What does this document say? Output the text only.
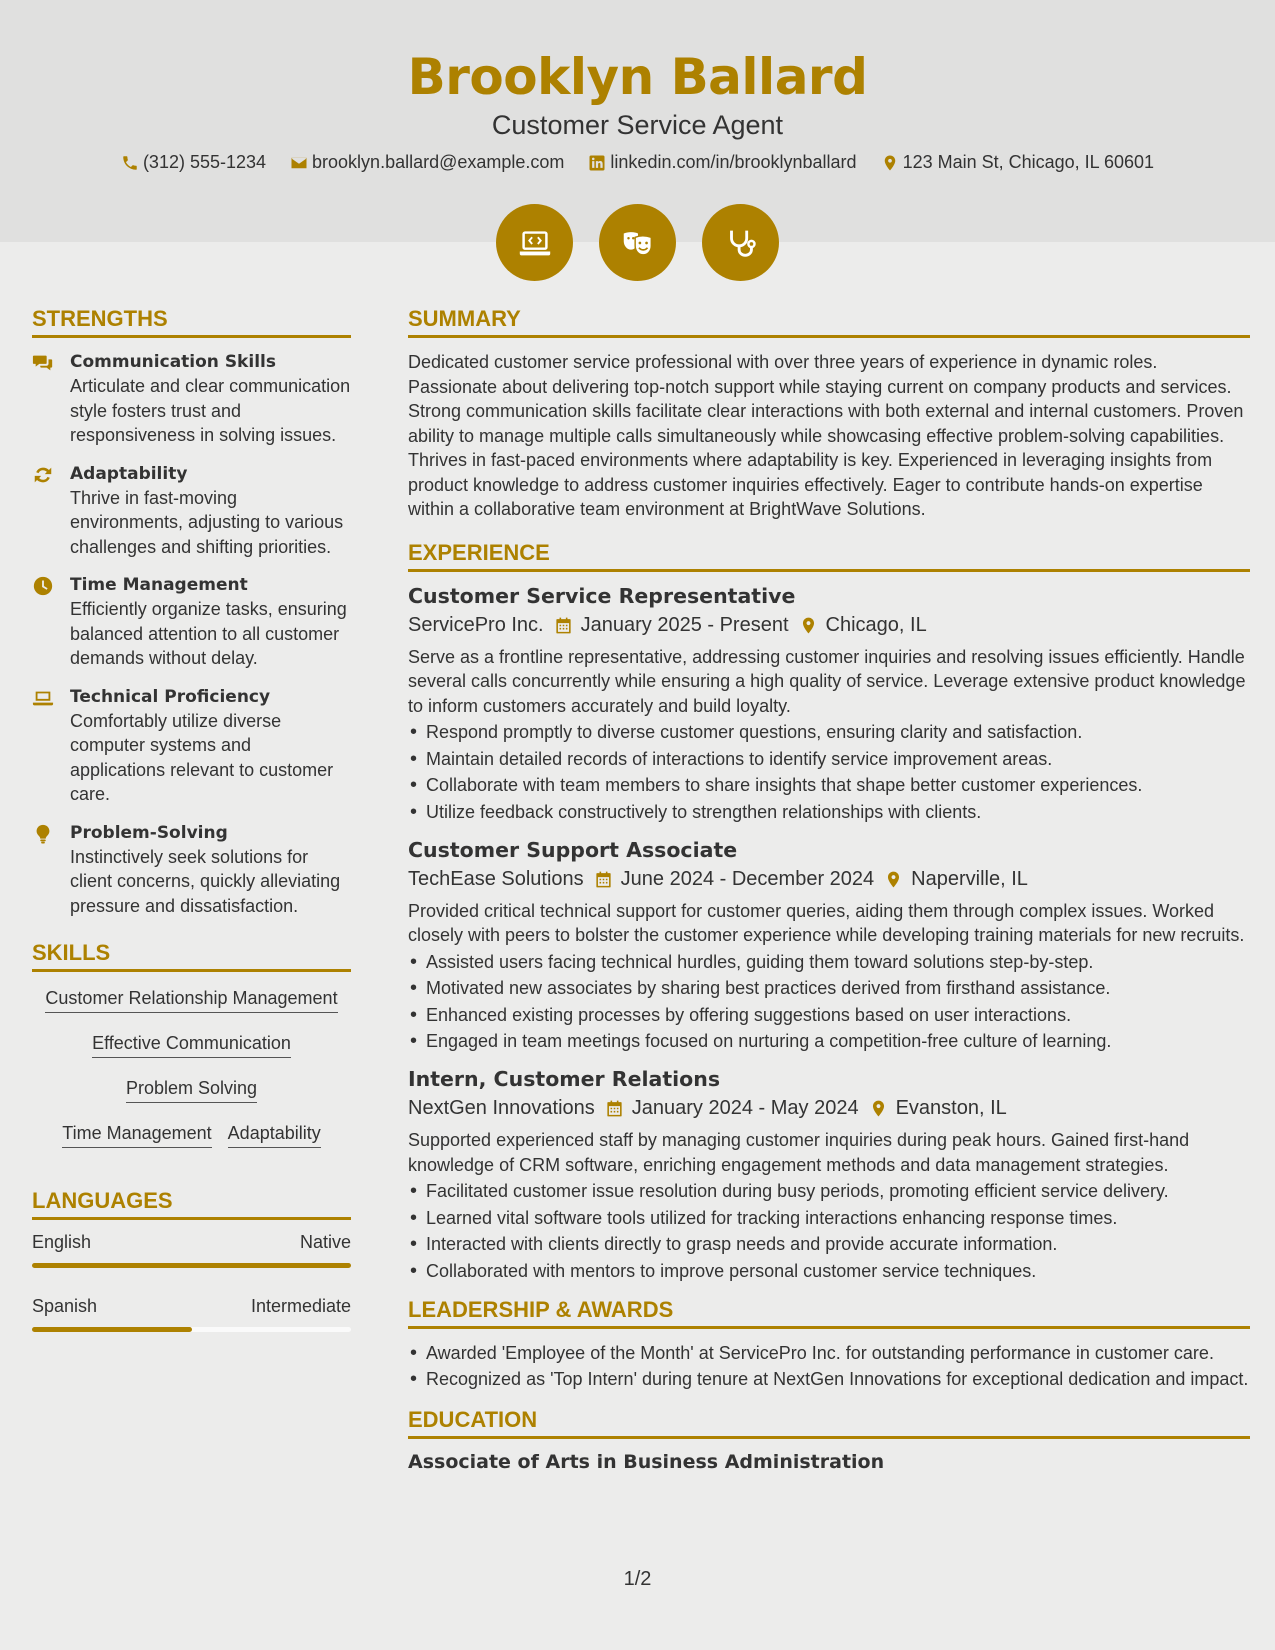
Brooklyn Ballard
Customer Service Agent
(312) 555-1234	brooklyn.ballard@example.com	linkedin.com/in/brooklynballard	123 Main St, Chicago, IL 60601
STRENGTHS
Communication Skills
Articulate and clear communication style fosters trust and responsiveness in solving issues.
Adaptability
Thrive in fast-moving environments, adjusting to various challenges and shifting priorities.
Time Management
Efficiently organize tasks, ensuring balanced attention to all customer demands without delay.
Technical Proficiency
Comfortably utilize diverse computer systems and applications relevant to customer care.
Problem-Solving
Instinctively seek solutions for client concerns, quickly alleviating pressure and dissatisfaction.
SKILLS
Customer Relationship Management
Effective Communication
Problem Solving
Time Management Adaptability
LANGUAGES
English	Native
Spanish	Intermediate
SUMMARY
Dedicated customer service professional with over three years of experience in dynamic roles. Passionate about delivering top-notch support while staying current on company products and services. Strong communication skills facilitate clear interactions with both external and internal customers. Proven ability to manage multiple calls simultaneously while showcasing effective problem-solving capabilities. Thrives in fast-paced environments where adaptability is key. Experienced in leveraging insights from product knowledge to address customer inquiries effectively. Eager to contribute hands-on expertise within a collaborative team environment at BrightWave Solutions.
EXPERIENCE
Customer Service Representative
ServicePro Inc. January 2025 - Present Chicago, IL
Serve as a frontline representative, addressing customer inquiries and resolving issues efficiently. Handle several calls concurrently while ensuring a high quality of service. Leverage extensive product knowledge to inform customers accurately and build loyalty.
• Respond promptly to diverse customer questions, ensuring clarity and satisfaction.
• Maintain detailed records of interactions to identify service improvement areas.
• Collaborate with team members to share insights that shape better customer experiences.
• Utilize feedback constructively to strengthen relationships with clients.
Customer Support Associate
TechEase Solutions June 2024 - December 2024 Naperville, IL
Provided critical technical support for customer queries, aiding them through complex issues. Worked closely with peers to bolster the customer experience while developing training materials for new recruits.
• Assisted users facing technical hurdles, guiding them toward solutions step-by-step.
• Motivated new associates by sharing best practices derived from firsthand assistance.
• Enhanced existing processes by offering suggestions based on user interactions.
• Engaged in team meetings focused on nurturing a competition-free culture of learning.
Intern, Customer Relations
NextGen Innovations January 2024 - May 2024 Evanston, IL
Supported experienced staff by managing customer inquiries during peak hours. Gained first-hand knowledge of CRM software, enriching engagement methods and data management strategies.
• Facilitated customer issue resolution during busy periods, promoting efficient service delivery.
• Learned vital software tools utilized for tracking interactions enhancing response times.
• Interacted with clients directly to grasp needs and provide accurate information.
• Collaborated with mentors to improve personal customer service techniques.
LEADERSHIP & AWARDS
• Awarded 'Employee of the Month' at ServicePro Inc. for outstanding performance in customer care.
• Recognized as 'Top Intern' during tenure at NextGen Innovations for exceptional dedication and impact.
EDUCATION
Associate of Arts in Business Administration
1/2
